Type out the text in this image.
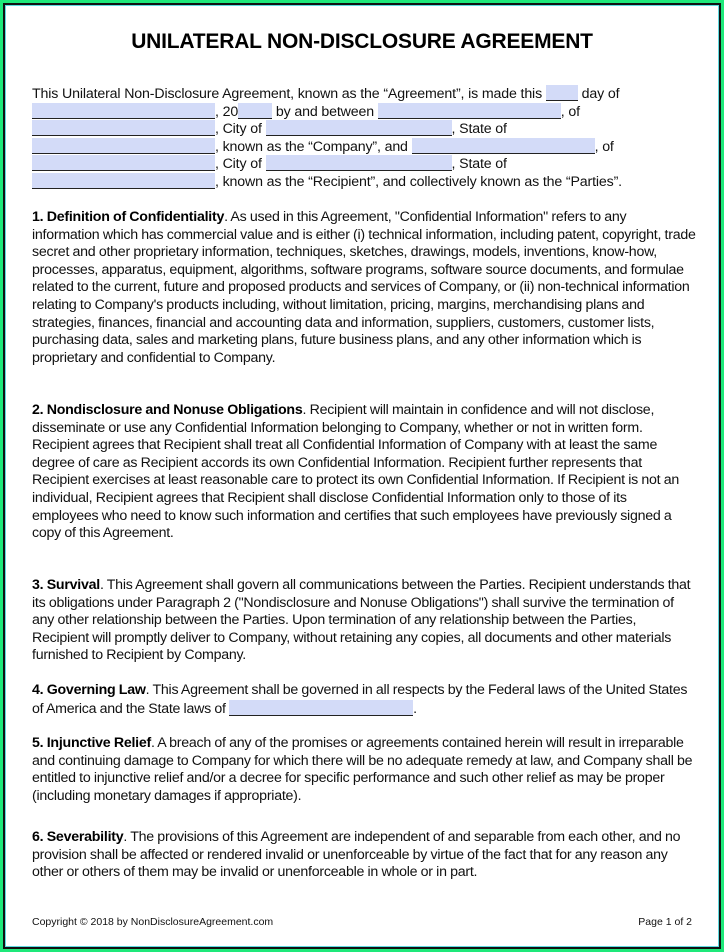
UNILATERAL NON-DISCLOSURE AGREEMENT
This Unilateral Non-Disclosure Agreement, known as the “Agreement”, is made this	day of
, 20	by and between	, of
, City of	, State of
, known as the “Company”, and	, of
, City of	, State of
, known as the “Recipient”, and collectively known as the “Parties”.
1. Definition of Confidentiality. As used in this Agreement, "Confidential Information" refers to any information which has commercial value and is either (i) technical information, including patent, copyright, trade secret and other proprietary information, techniques, sketches, drawings, models, inventions, know-how, processes, apparatus, equipment, algorithms, software programs, software source documents, and formulae related to the current, future and proposed products and services of Company, or (ii) non-technical information relating to Company's products including, without limitation, pricing, margins, merchandising plans and strategies, finances, financial and accounting data and information, suppliers, customers, customer lists, purchasing data, sales and marketing plans, future business plans, and any other information which is proprietary and confidential to Company.
2. Nondisclosure and Nonuse Obligations. Recipient will maintain in confidence and will not disclose, disseminate or use any Confidential Information belonging to Company, whether or not in written form. Recipient agrees that Recipient shall treat all Confidential Information of Company with at least the same degree of care as Recipient accords its own Confidential Information. Recipient further represents that Recipient exercises at least reasonable care to protect its own Confidential Information. If Recipient is not an individual, Recipient agrees that Recipient shall disclose Confidential Information only to those of its employees who need to know such information and certifies that such employees have previously signed a copy of this Agreement.
3. Survival. This Agreement shall govern all communications between the Parties. Recipient understands that its obligations under Paragraph 2 ("Nondisclosure and Nonuse Obligations") shall survive the termination of any other relationship between the Parties. Upon termination of any relationship between the Parties, Recipient will promptly deliver to Company, without retaining any copies, all documents and other materials furnished to Recipient by Company.
4. Governing Law. This Agreement shall be governed in all respects by the Federal laws of the United States of America and the State laws of	.
5. Injunctive Relief. A breach of any of the promises or agreements contained herein will result in irreparable and continuing damage to Company for which there will be no adequate remedy at law, and Company shall be entitled to injunctive relief and/or a decree for specific performance and such other relief as may be proper (including monetary damages if appropriate).
6. Severability. The provisions of this Agreement are independent of and separable from each other, and no provision shall be affected or rendered invalid or unenforceable by virtue of the fact that for any reason any other or others of them may be invalid or unenforceable in whole or in part.
Copyright © 2018 by NonDisclosureAgreement.com	Page 1 of 2
